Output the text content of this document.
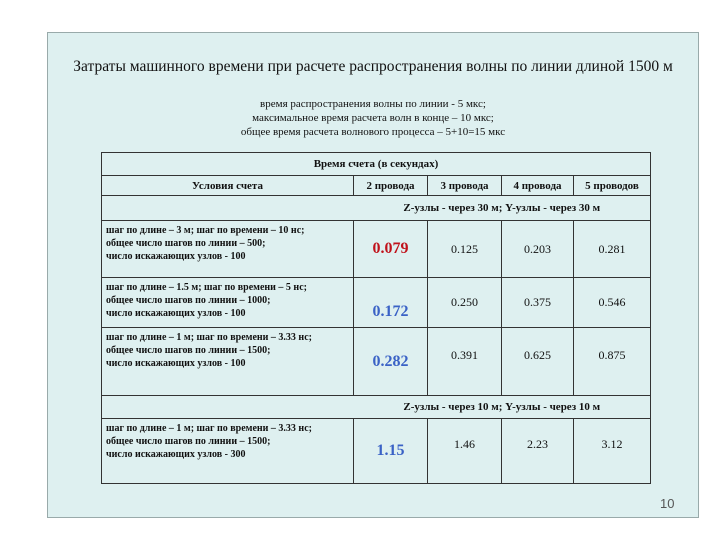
Затраты машинного времени при расчете распространения волны по линии длиной 1500 м
время распространения волны по линии - 5 мкс;
максимальное время расчета волн в конце – 10 мкс;
общее время расчета волнового процесса – 5+10=15 мкс
Время счета (в секундах)				
Условия счета	2 провода	3 провода	4 провода	5 проводов
	Z-узлы - через 30 м; Y-узлы - через 30 м			

шаг по длине – 3 м; шаг по времени – 10 нс;
общее число шагов по линии – 500;
число искажающих узлов - 100	0.079	0.125	0.203	0.281

шаг по длине – 1.5 м; шаг по времени – 5 нс;
общее число шагов по линии – 1000;
число искажающих узлов - 100	0.172	0.250	0.375	0.546

шаг по длине – 1 м; шаг по времени – 3.33 нс;
общее число шагов по линии – 1500;
число искажающих узлов - 100	0.282	0.391	0.625	0.875
	Z-узлы - через 10 м; Y-узлы - через 10 м			

шаг по длине – 1 м; шаг по времени – 3.33 нс;
общее число шагов по линии – 1500;
число искажающих узлов - 300	1.15	1.46	2.23	3.12
10
